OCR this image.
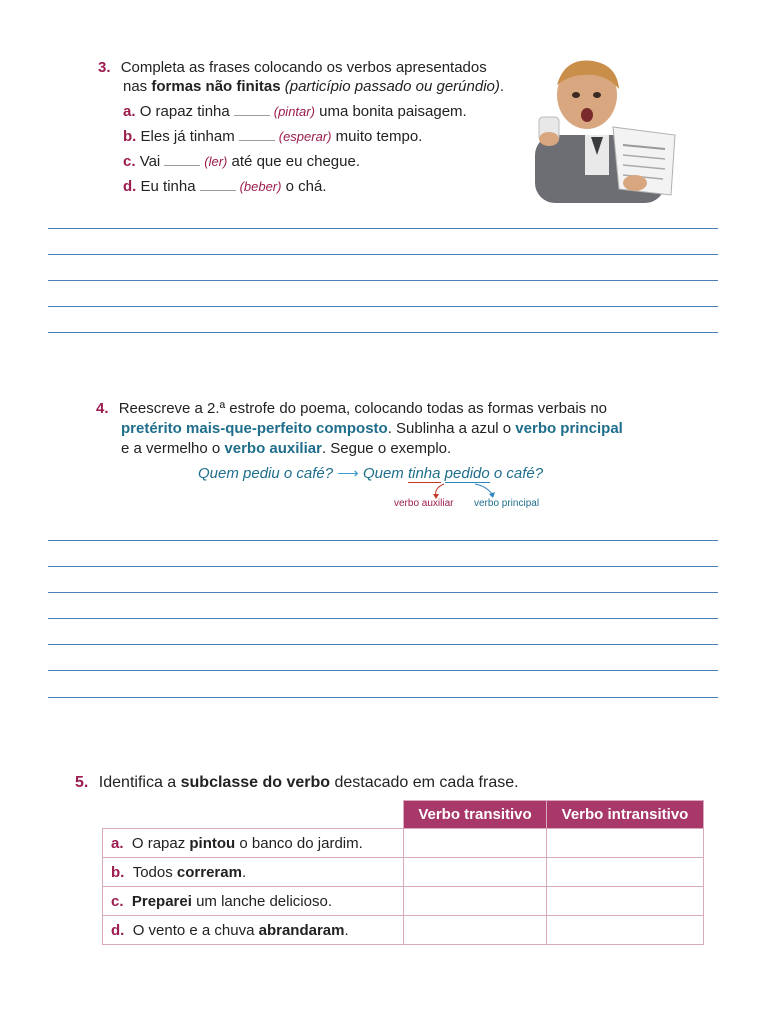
3. Completa as frases colocando os verbos apresentados
nas formas não finitas (particípio passado ou gerúndio).
a. O rapaz tinha	(pintar) uma bonita paisagem.
b. Eles já tinham	(esperar) muito tempo.
c. Vai	(ler) até que eu chegue.
d. Eu tinha	(beber) o chá.
4. Reescreve a 2.ª estrofe do poema, colocando todas as formas verbais no
pretérito mais-que-perfeito composto. Sublinha a azul o verbo principal
e a vermelho o verbo auxiliar. Segue o exemplo.
Quem pediu o café? ⟶ Quem tinha pedido o café?
verbo auxiliar verbo principal
5. Identifica a subclasse do verbo destacado em cada frase.
	Verbo transitivo	Verbo intransitivo
a. O rapaz pintou o banco do jardim.		
b. Todos correram.		
c. Preparei um lanche delicioso.		
d. O vento e a chuva abrandaram.		
